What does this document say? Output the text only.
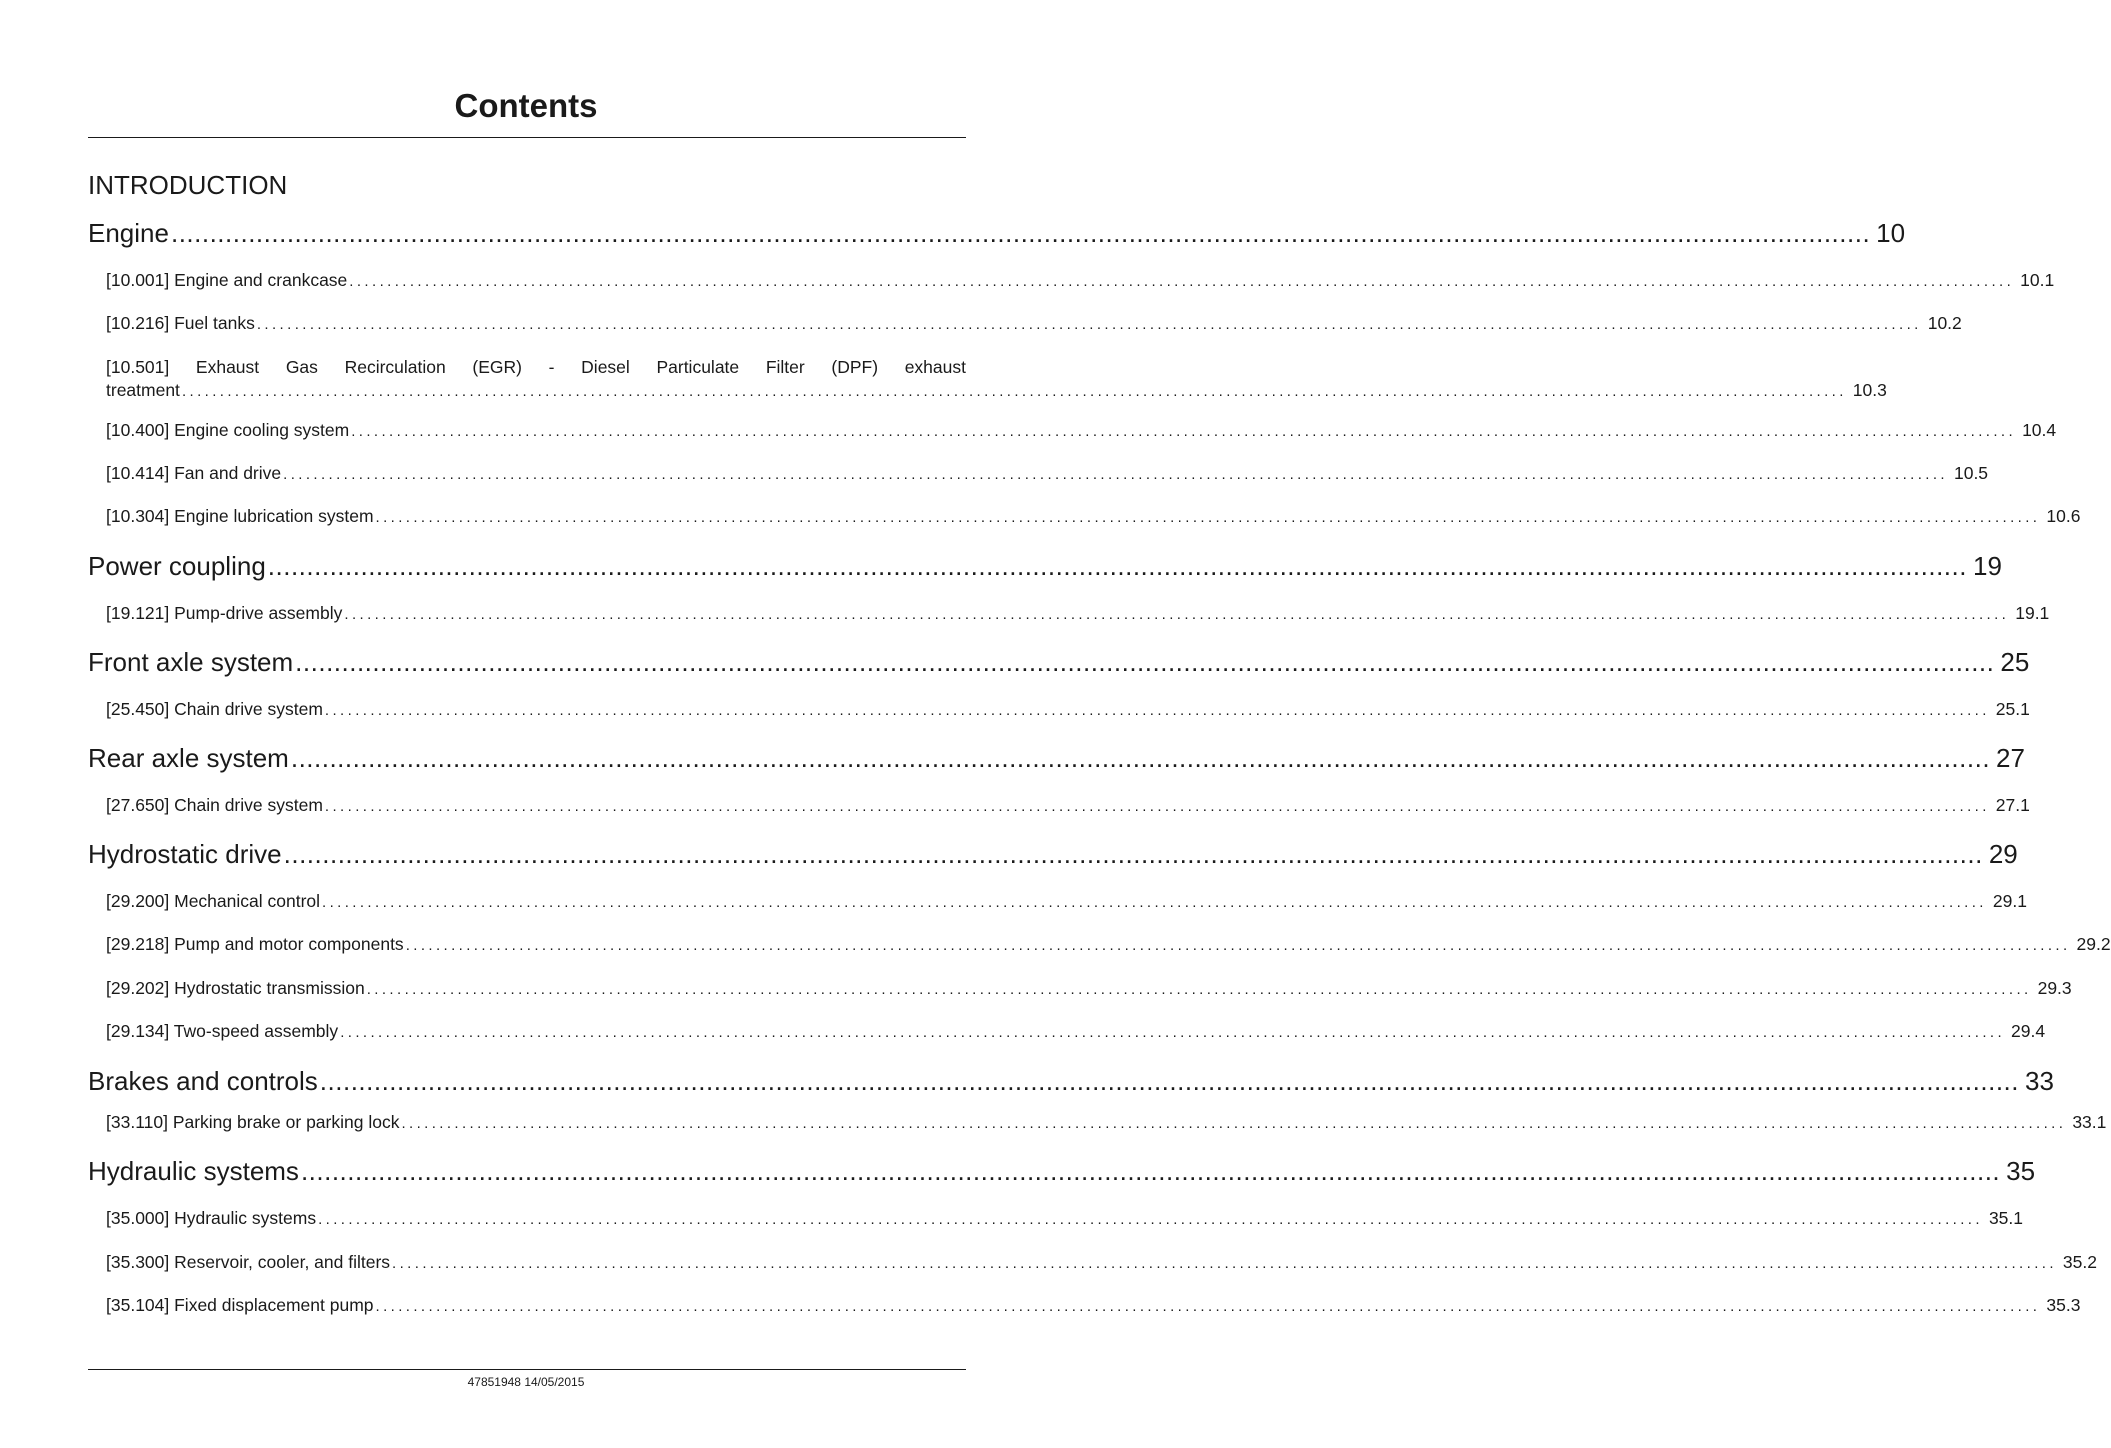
Contents
INTRODUCTION
Engine ............................................................................................................................................................................................................................ 10
[10.001] Engine and crankcase ............................................................................................................................................................................................................................ 10.1
[10.216] Fuel tanks ............................................................................................................................................................................................................................ 10.2
[10.501] Exhaust Gas Recirculation (EGR) - Diesel Particulate Filter (DPF) exhaust
treatment ............................................................................................................................................................................................................................ 10.3
[10.400] Engine cooling system ............................................................................................................................................................................................................................ 10.4
[10.414] Fan and drive ............................................................................................................................................................................................................................ 10.5
[10.304] Engine lubrication system ............................................................................................................................................................................................................................ 10.6
Power coupling ............................................................................................................................................................................................................................ 19
[19.121] Pump-drive assembly ............................................................................................................................................................................................................................ 19.1
Front axle system ............................................................................................................................................................................................................................ 25
[25.450] Chain drive system ............................................................................................................................................................................................................................ 25.1
Rear axle system ............................................................................................................................................................................................................................ 27
[27.650] Chain drive system ............................................................................................................................................................................................................................ 27.1
Hydrostatic drive ............................................................................................................................................................................................................................ 29
[29.200] Mechanical control ............................................................................................................................................................................................................................ 29.1
[29.218] Pump and motor components ............................................................................................................................................................................................................................ 29.2
[29.202] Hydrostatic transmission ............................................................................................................................................................................................................................ 29.3
[29.134] Two-speed assembly ............................................................................................................................................................................................................................ 29.4
Brakes and controls ............................................................................................................................................................................................................................ 33
[33.110] Parking brake or parking lock ............................................................................................................................................................................................................................ 33.1
Hydraulic systems ............................................................................................................................................................................................................................ 35
[35.000] Hydraulic systems ............................................................................................................................................................................................................................ 35.1
[35.300] Reservoir, cooler, and filters ............................................................................................................................................................................................................................ 35.2
[35.104] Fixed displacement pump ............................................................................................................................................................................................................................ 35.3
47851948 14/05/2015
